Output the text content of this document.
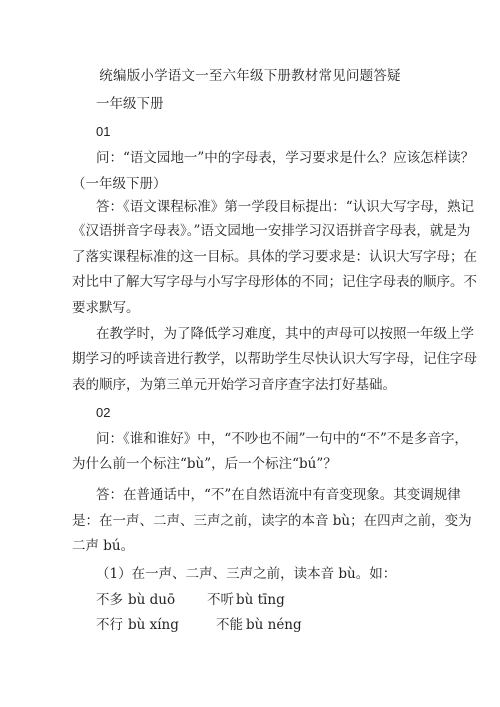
统编版小学语文一至六年级下册教材常见问题答疑
一年级下册
01
问：“语文园地一”中的字母表，学习要求是什么？应该怎样读？
（一年级下册）
答：《语文课程标准》第一学段目标提出：“认识大写字母，熟记
《汉语拼音字母表》。”语文园地一安排学习汉语拼音字母表，就是为
了落实课程标准的这一目标。具体的学习要求是：认识大写字母；在
对比中了解大写字母与小写字母形体的不同；记住字母表的顺序。不
要求默写。
在教学时，为了降低学习难度，其中的声母可以按照一年级上学
期学习的呼读音进行教学，以帮助学生尽快认识大写字母，记住字母
表的顺序，为第三单元开始学习音序查字法打好基础。
02
问：《谁和谁好》中，“不吵也不闹”一句中的“不”不是多音字，
为什么前一个标注“bù”，后一个标注“bú”？
答：在普通话中，“不”在自然语流中有音变现象。其变调规律
是：在一声、二声、三声之前，读字的本音 bù；在四声之前，变为
二声 bú。
（1）在一声、二声、三声之前，读本音 bù。如：
不多 bù duō 不听 bù tīng
不行 bù xíng	不能 bù néng
